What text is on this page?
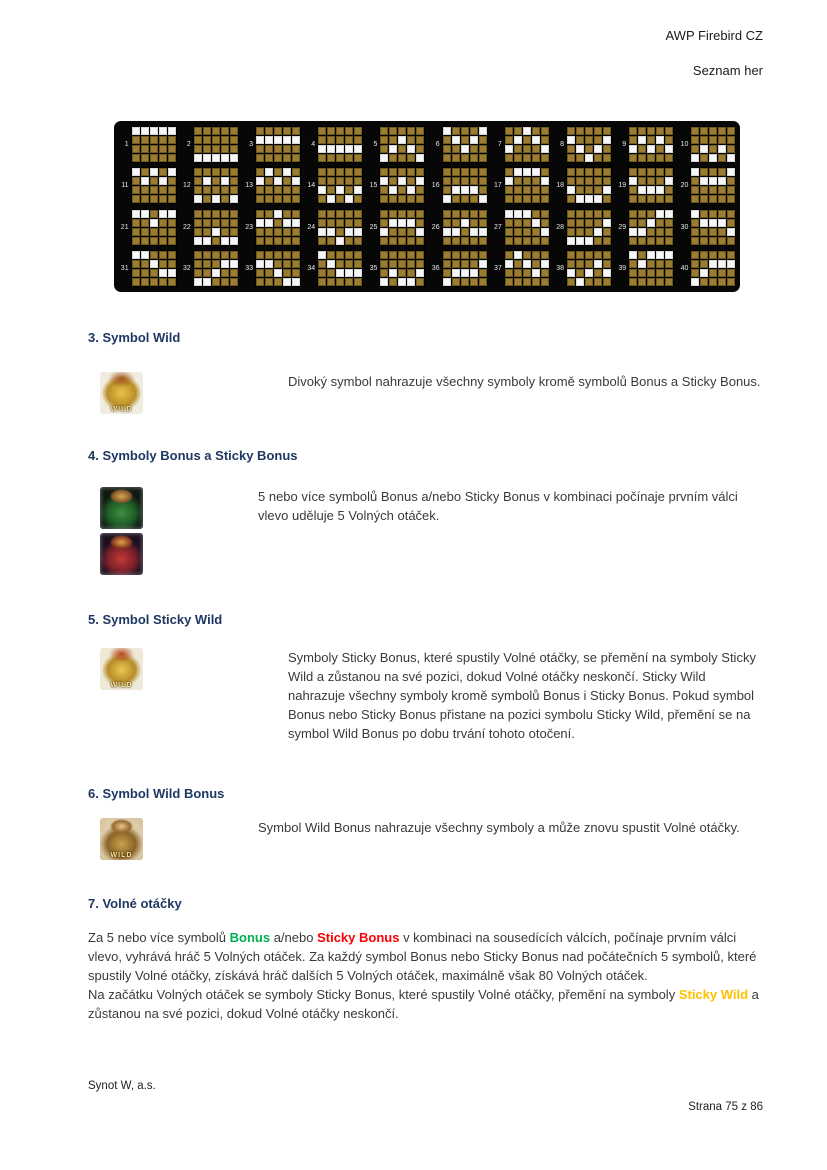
AWP Firebird CZ
Seznam her
1	2	3	4	5	6	7	8	9	10
11	12	13	14	15	16	17	18	19	20
21	22	23	24	25	26	27	28	29	30
31	32	33	34	35	36	37	38	39	40

3. Symbol Wild

WILD
Divoký symbol nahrazuje všechny symboly kromě symbolů Bonus a Sticky Bonus.

4. Symboly Bonus a Sticky Bonus

5 nebo více symbolů Bonus a/nebo Sticky Bonus v kombinaci počínaje prvním válci vlevo uděluje 5 Volných otáček.

5. Symbol Sticky Wild

WILD
Symboly Sticky Bonus, které spustily Volné otáčky, se přemění na symboly Sticky Wild a zůstanou na své pozici, dokud Volné otáčky neskončí. Sticky Wild nahrazuje všechny symboly kromě symbolů Bonus i Sticky Bonus. Pokud symbol Bonus nebo Sticky Bonus přistane na pozici symbolu Sticky Wild, přemění se na symbol Wild Bonus po dobu trvání tohoto otočení.

6. Symbol Wild Bonus

WILD
Symbol Wild Bonus nahrazuje všechny symboly a může znovu spustit Volné otáčky.

7. Volné otáčky

Za 5 nebo více symbolů Bonus a/nebo Sticky Bonus v kombinaci na sousedících válcích, počínaje prvním válci vlevo, vyhrává hráč 5 Volných otáček. Za každý symbol Bonus nebo Sticky Bonus nad počátečních 5 symbolů, které spustily Volné otáčky, získává hráč dalších 5 Volných otáček, maximálně však 80 Volných otáček.

Na začátku Volných otáček se symboly Sticky Bonus, které spustily Volné otáčky, přemění na symboly Sticky Wild a zůstanou na své pozici, dokud Volné otáčky neskončí.

Synot W, a.s.
Strana 75 z 86
